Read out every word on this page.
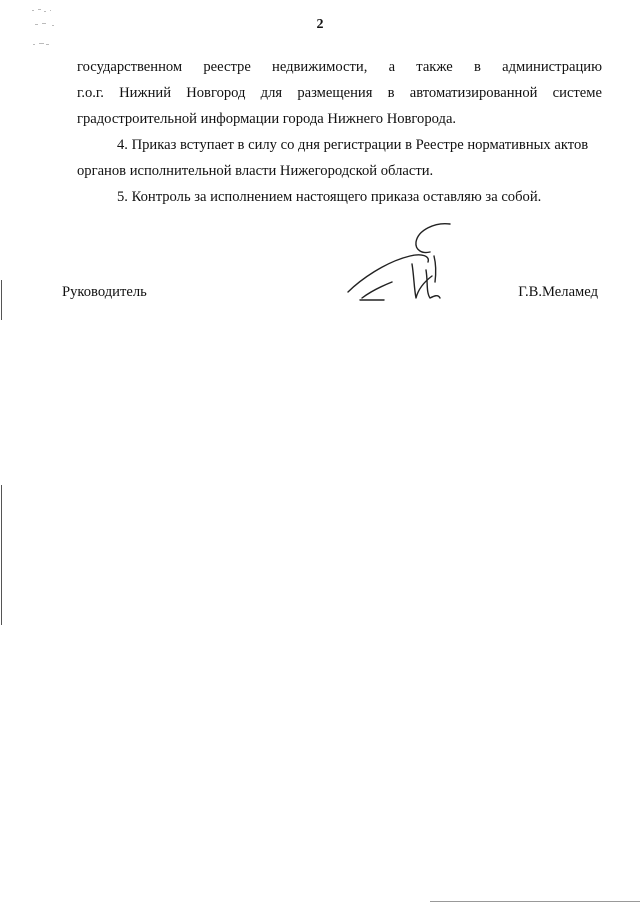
2
государственном реестре недвижимости, а также в администрацию
г.о.г. Нижний Новгород для размещения в автоматизированной системе
градостроительной информации города Нижнего Новгорода.

4. Приказ вступает в силу со дня регистрации в Реестре нормативных актов органов исполнительной власти Нижегородской области.

5. Контроль за исполнением настоящего приказа оставляю за собой.

Руководитель	Г.В.Меламед
